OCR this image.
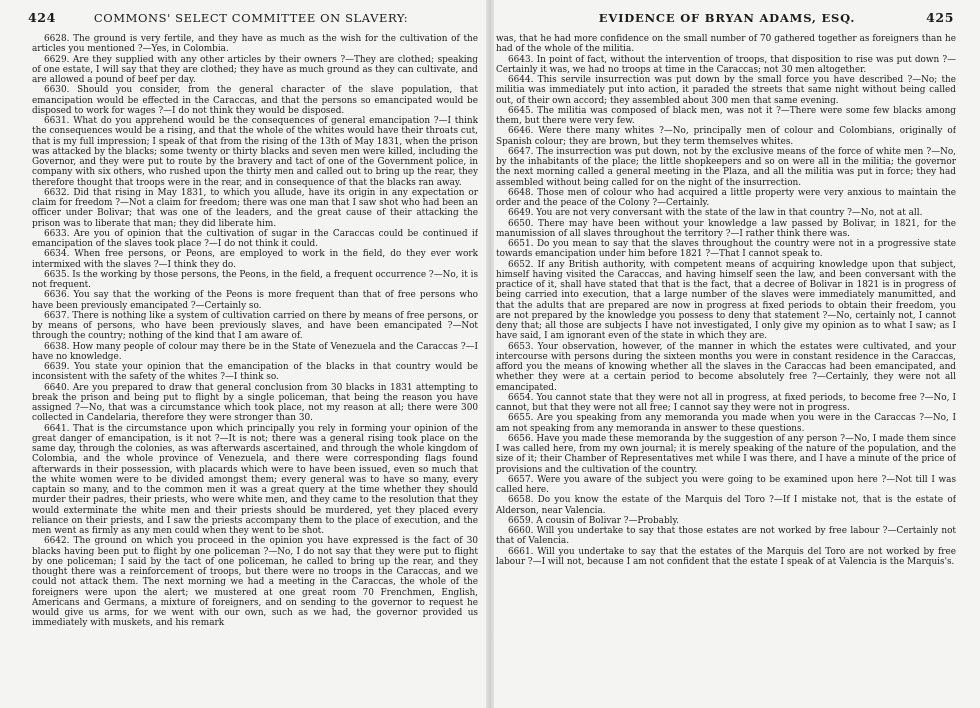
424	COMMONS' SELECT COMMITTEE ON SLAVERY:

6628. The ground is very fertile, and they have as much as the wish for the cultivation of the articles you mentioned ?—Yes, in Colombia.

6629. Are they supplied with any other articles by their owners ?—They are clothed; speaking of one estate, I will say that they are clothed; they have as much ground as they can cultivate, and are allowed a pound of beef per day.

6630. Should you consider, from the general character of the slave population, that emancipation would be effected in the Caraccas, and that the persons so emancipated would be disposed to work for wages ?—I do not think they would be disposed.

6631. What do you apprehend would be the consequences of general emancipation ?—I think the consequences would be a rising, and that the whole of the whites would have their throats cut, that is my full impression; I speak of that from the rising of the 13th of May 1831, when the prison was attacked by the blacks; some twenty or thirty blacks and seven men were killed, including the Governor, and they were put to route by the bravery and tact of one of the Government police, in company with six others, who rushed upon the thirty men and called out to bring up the rear, they therefore thought that troops were in the rear, and in consequence of that the blacks ran away.

6632. Did that rising in May 1831, to which you allude, have its origin in any expectation or claim for freedom ?—Not a claim for freedom; there was one man that I saw shot who had been an officer under Bolivar; that was one of the leaders, and the great cause of their attacking the prison was to liberate that man; they did liberate him.

6633. Are you of opinion that the cultivation of sugar in the Caraccas could be continued if emancipation of the slaves took place ?—I do not think it could.

6634. When free persons, or Peons, are employed to work in the field, do they ever work intermixed with the slaves ?—I think they do.

6635. Is the working by those persons, the Peons, in the field, a frequent occurrence ?—No, it is not frequent.

6636. You say that the working of the Peons is more frequent than that of free persons who have been previously emancipated ?—Certainly so.

6637. There is nothing like a system of cultivation carried on there by means of free persons, or by means of persons, who have been previously slaves, and have been emancipated ?—Not through the country; nothing of the kind that I am aware of.

6638. How many people of colour may there be in the State of Venezuela and the Caraccas ?—I have no knowledge.

6639. You state your opinion that the emancipation of the blacks in that country would be inconsistent with the safety of the whites ?—I think so.

6640. Are you prepared to draw that general conclusion from 30 blacks in 1831 attempting to break the prison and being put to flight by a single policeman, that being the reason you have assigned ?—No, that was a circumstance which took place, not my reason at all; there were 300 collected in Candelaria, therefore they were stronger than 30.

6641. That is the circumstance upon which principally you rely in forming your opinion of the great danger of emancipation, is it not ?—It is not; there was a general rising took place on the same day, through the colonies, as was afterwards ascertained, and through the whole kingdom of Colombia, and the whole province of Venezuela, and there were corresponding flags found afterwards in their possession, with placards which were to have been issued, even so much that the white women were to be divided amongst them; every general was to have so many, every captain so many, and to the common men it was a great query at the time whether they should murder their padres, their priests, who were white men, and they came to the resolution that they would exterminate the white men and their priests should be murdered, yet they placed every reliance on their priests, and I saw the priests accompany them to the place of execution, and the men went as firmly as any men could when they went to be shot.

6642. The ground on which you proceed in the opinion you have expressed is the fact of 30 blacks having been put to flight by one policeman ?—No, I do not say that they were put to flight by one policeman; I said by the tact of one policeman, he called to bring up the rear, and they thought there was a reinforcement of troops, but there were no troops in the Caraccas, and we could not attack them. The next morning we had a meeting in the Caraccas, the whole of the foreigners were upon the alert; we mustered at one great room 70 Frenchmen, English, Americans and Germans, a mixture of foreigners, and on sending to the governor to request he would give us arms, for we went with our own, such as we had, the governor provided us immediately with muskets, and his remark

EVIDENCE OF BRYAN ADAMS, ESQ.	425

was, that he had more confidence on the small number of 70 gathered together as foreigners than he had of the whole of the militia.

6643. In point of fact, without the intervention of troops, that disposition to rise was put down ?—Certainly it was, we had no troops at time in the Caraccas; not 30 men altogether.

6644. This servile insurrection was put down by the small force you have described ?—No; the militia was immediately put into action, it paraded the streets that same night without being called out, of their own accord; they assembled about 300 men that same evening.

6645. The militia was composed of black men, was not it ?—There were some few blacks among them, but there were very few.

6646. Were there many whites ?—No, principally men of colour and Colombians, originally of Spanish colour; they are brown, but they term themselves whites.

6647. The insurrection was put down, not by the exclusive means of the force of white men ?—No, by the inhabitants of the place; the little shopkeepers and so on were all in the militia; the governor the next morning called a general meeting in the Plaza, and all the militia was put in force; they had assembled without being called for on the night of the insurrection.

6648. Those men of colour who had acquired a little property were very anxious to maintain the order and the peace of the Colony ?—Certainly.

6649. You are not very conversant with the state of the law in that country ?—No, not at all.

6650. There may have been without your knowledge a law passed by Bolivar, in 1821, for the manumission of all slaves throughout the territory ?—I rather think there was.

6651. Do you mean to say that the slaves throughout the country were not in a progressive state towards emancipation under him before 1821 ?—That I cannot speak to.

6652. If any British authority, with competent means of acquiring knowledge upon that subject, himself having visited the Caraccas, and having himself seen the law, and been conversant with the practice of it, shall have stated that that is the fact, that a decree of Bolivar in 1821 is in progress of being carried into execution, that a large number of the slaves were immediately manumitted, and that the adults that are prepared are now in progress at fixed periods to obtain their freedom, you are not prepared by the knowledge you possess to deny that statement ?—No, certainly not, I cannot deny that; all those are subjects I have not investigated, I only give my opinion as to what I saw; as I have said, I am ignorant even of the state in which they are.

6653. Your observation, however, of the manner in which the estates were cultivated, and your intercourse with persons during the sixteen months you were in constant residence in the Caraccas, afford you the means of knowing whether all the slaves in the Caraccas had been emancipated, and whether they were at a certain period to become absolutely free ?—Certainly, they were not all emancipated.

6654. You cannot state that they were not all in progress, at fixed periods, to become free ?—No, I cannot, but that they were not all free; I cannot say they were not in progress.

6655. Are you speaking from any memoranda you made when you were in the Caraccas ?—No, I am not speaking from any memoranda in answer to these questions.

6656. Have you made these memoranda by the suggestion of any person ?—No, I made them since I was called here, from my own journal; it is merely speaking of the nature of the population, and the size of it; their Chamber of Representatives met while I was there, and I have a minute of the price of provisions and the cultivation of the country.

6657. Were you aware of the subject you were going to be examined upon here ?—Not till I was called here.

6658. Do you know the estate of the Marquis del Toro ?—If I mistake not, that is the estate of Alderson, near Valencia.

6659. A cousin of Bolivar ?—Probably.

6660. Will you undertake to say that those estates are not worked by free labour ?—Certainly not that of Valencia.

6661. Will you undertake to say that the estates of the Marquis del Toro are not worked by free labour ?—I will not, because I am not confident that the estate I speak of at Valencia is the Marquis's.
